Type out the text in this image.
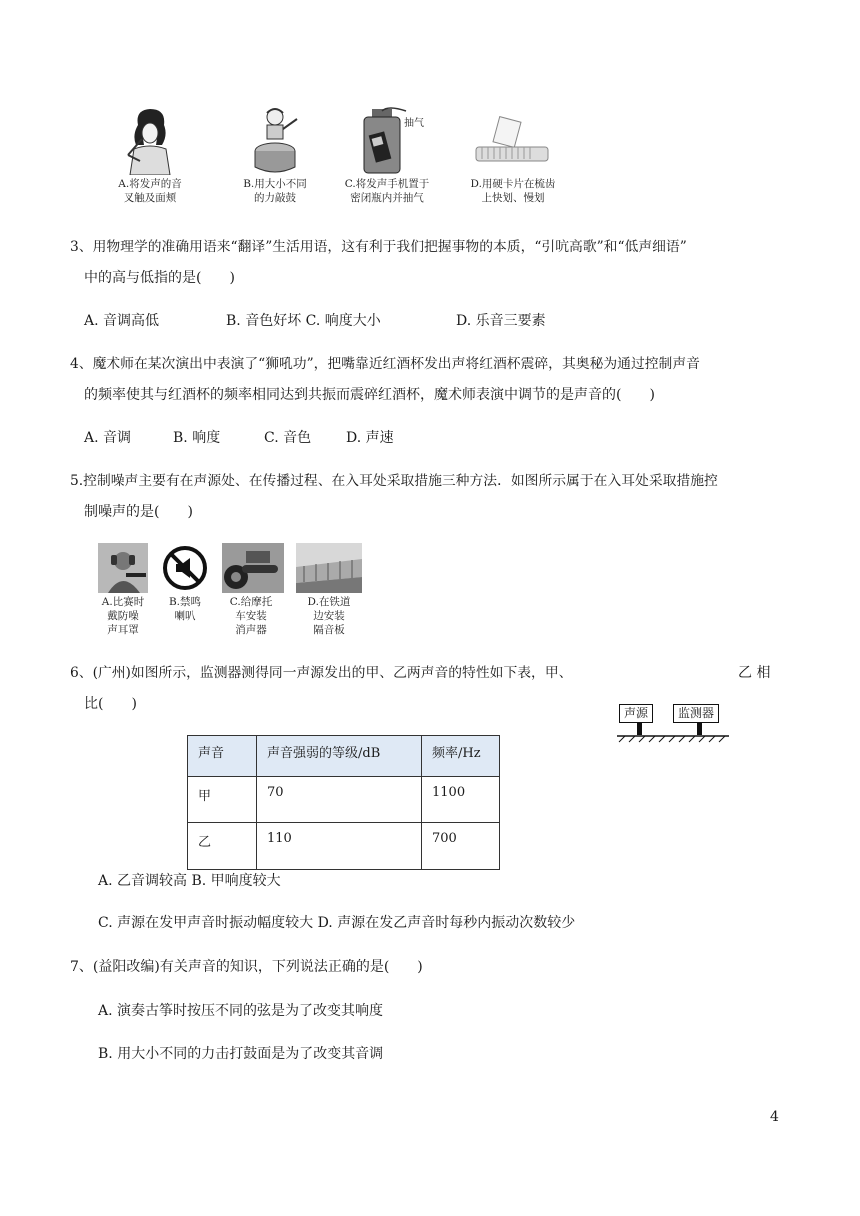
A.将发声的音
叉触及面颊
B.用大小不同
的力敲鼓
抽气
C.将发声手机置于
密闭瓶内并抽气
D.用硬卡片在梳齿
上快划、慢划
3、用物理学的准确用语来“翻译”生活用语，这有利于我们把握事物的本质，“引吭高歌”和“低声细语”
中的高与低指的是(　　)
A. 音调高低	B. 音色好坏 C. 响度大小	D. 乐音三要素
4、魔术师在某次演出中表演了“狮吼功”，把嘴靠近红酒杯发出声将红酒杯震碎，其奥秘为通过控制声音
的频率使其与红酒杯的频率相同达到共振而震碎红酒杯，魔术师表演中调节的是声音的(　　)
A. 音调	B. 响度	C. 音色 D. 声速
5.控制噪声主要有在声源处、在传播过程、在入耳处采取措施三种方法．如图所示属于在入耳处采取措施控
制噪声的是(　　)
A.比赛时
戴防噪
声耳罩
B.禁鸣
喇叭
C.给摩托
车安装
消声器
D.在铁道
边安装
隔音板
6、(广州)如图所示，监测器测得同一声源发出的甲、乙两声音的特性如下表，甲、	乙 相
比(　　)
声源	监测器
声音	声音强弱的等级/dB	频率/Hz
甲	70	1100
乙	110	700
A. 乙音调较高 B. 甲响度较大
C. 声源在发甲声音时振动幅度较大 D. 声源在发乙声音时每秒内振动次数较少
7、(益阳改编)有关声音的知识，下列说法正确的是(　　)
A. 演奏古筝时按压不同的弦是为了改变其响度
B. 用大小不同的力击打鼓面是为了改变其音调
4
